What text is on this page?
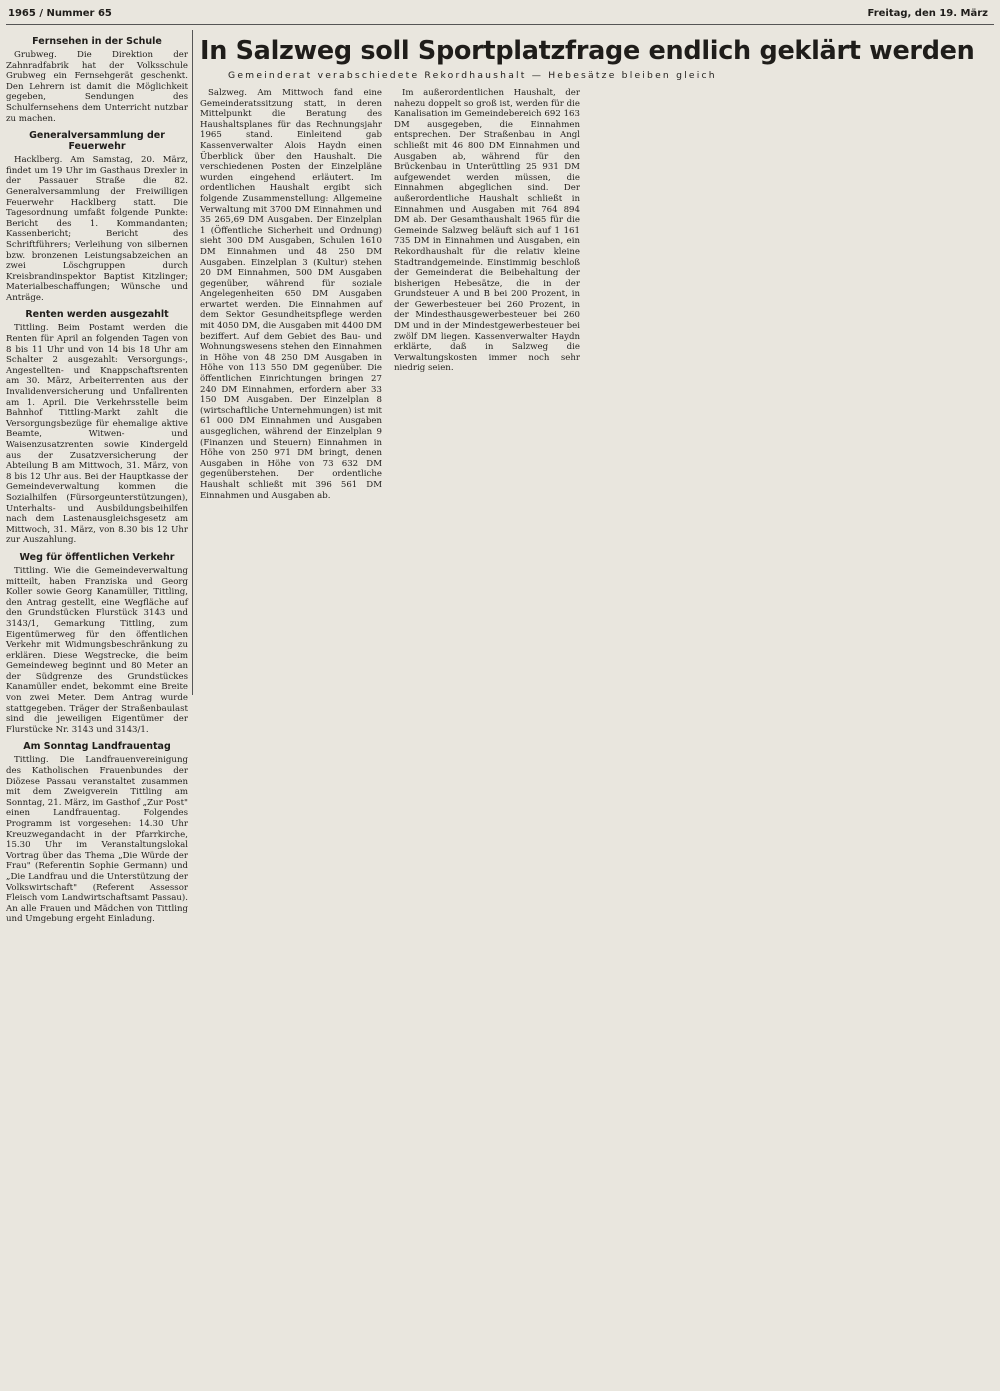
1965 / Nummer 65	Freitag, den 19. März
Fernsehen in der Schule

Grubweg. Die Direktion der Zahnradfabrik hat der Volksschule Grubweg ein Fernsehgerät geschenkt. Den Lehrern ist damit die Möglichkeit gegeben, Sendungen des Schulfernsehens dem Unterricht nutzbar zu machen.

Generalversammlung der Feuerwehr

Hacklberg. Am Samstag, 20. März, findet um 19 Uhr im Gasthaus Drexler in der Passauer Straße die 82. Generalversammlung der Freiwilligen Feuerwehr Hacklberg statt. Die Tagesordnung umfaßt folgende Punkte: Bericht des 1. Kommandanten; Kassenbericht; Bericht des Schriftführers; Verleihung von silbernen bzw. bronzenen Leistungsabzeichen an zwei Löschgruppen durch Kreisbrandinspektor Baptist Kitzlinger; Materialbeschaffungen; Wünsche und Anträge.

Renten werden ausgezahlt

Tittling. Beim Postamt werden die Renten für April an folgenden Tagen von 8 bis 11 Uhr und von 14 bis 18 Uhr am Schalter 2 ausgezahlt: Versorgungs-, Angestellten- und Knappschaftsrenten am 30. März, Arbeiterrenten aus der Invalidenversicherung und Unfallrenten am 1. April. Die Verkehrsstelle beim Bahnhof Tittling-Markt zahlt die Versorgungsbezüge für ehemalige aktive Beamte, Witwen- und Waisenzusatzrenten sowie Kindergeld aus der Zusatzversicherung der Abteilung B am Mittwoch, 31. März, von 8 bis 12 Uhr aus. Bei der Hauptkasse der Gemeindeverwaltung kommen die Sozialhilfen (Fürsorgeunterstützungen), Unterhalts- und Ausbildungsbeihilfen nach dem Lastenausgleichsgesetz am Mittwoch, 31. März, von 8.30 bis 12 Uhr zur Auszahlung.

Weg für öffentlichen Verkehr

Tittling. Wie die Gemeindeverwaltung mitteilt, haben Franziska und Georg Koller sowie Georg Kanamüller, Tittling, den Antrag gestellt, eine Wegfläche auf den Grundstücken Flurstück 3143 und 3143/1, Gemarkung Tittling, zum Eigentümerweg für den öffentlichen Verkehr mit Widmungsbeschränkung zu erklären. Diese Wegstrecke, die beim Gemeindeweg beginnt und 80 Meter an der Südgrenze des Grundstückes Kanamüller endet, bekommt eine Breite von zwei Meter. Dem Antrag wurde stattgegeben. Träger der Straßenbaulast sind die jeweiligen Eigentümer der Flurstücke Nr. 3143 und 3143/1.

Am Sonntag Landfrauentag

Tittling. Die Landfrauenvereinigung des Katholischen Frauenbundes der Diözese Passau veranstaltet zusammen mit dem Zweigverein Tittling am Sonntag, 21. März, im Gasthof „Zur Post" einen Landfrauentag. Folgendes Programm ist vorgesehen: 14.30 Uhr Kreuzwegandacht in der Pfarrkirche, 15.30 Uhr im Veranstaltungslokal Vortrag über das Thema „Die Würde der Frau" (Referentin Sophie Germann) und „Die Landfrau und die Unterstützung der Volkswirtschaft" (Referent Assessor Fleisch vom Landwirtschaftsamt Passau). An alle Frauen und Mädchen von Tittling und Umgebung ergeht Einladung.

In Salzweg soll Sportplatzfrage endlich geklärt werden
Gemeinderat verabschiedete Rekordhaushalt — Hebesätze bleiben gleich

Salzweg. Am Mittwoch fand eine Gemeinderatssitzung statt, in deren Mittelpunkt die Beratung des Haushaltsplanes für das Rechnungsjahr 1965 stand. Einleitend gab Kassenverwalter Alois Haydn einen Überblick über den Haushalt. Die verschiedenen Posten der Einzelpläne wurden eingehend erläutert. Im ordentlichen Haushalt ergibt sich folgende Zusammenstellung: Allgemeine Verwaltung mit 3700 DM Einnahmen und 35 265,69 DM Ausgaben. Der Einzelplan 1 (Öffentliche Sicherheit und Ordnung) sieht 300 DM Ausgaben, Schulen 1610 DM Einnahmen und 48 250 DM Ausgaben. Einzelplan 3 (Kultur) stehen 20 DM Einnahmen, 500 DM Ausgaben gegenüber, während für soziale Angelegenheiten 650 DM Ausgaben erwartet werden. Die Einnahmen auf dem Sektor Gesundheitspflege werden mit 4050 DM, die Ausgaben mit 4400 DM beziffert. Auf dem Gebiet des Bau- und Wohnungswesens stehen den Einnahmen in Höhe von 48 250 DM Ausgaben in Höhe von 113 550 DM gegenüber. Die öffentlichen Einrichtungen bringen 27 240 DM Einnahmen, erfordern aber 33 150 DM Ausgaben. Der Einzelplan 8 (wirtschaftliche Unternehmungen) ist mit 61 000 DM Einnahmen und Ausgaben ausgeglichen, während der Einzelplan 9 (Finanzen und Steuern) Einnahmen in Höhe von 250 971 DM bringt, denen Ausgaben in Höhe von 73 632 DM gegenüberstehen. Der ordentliche Haushalt schließt mit 396 561 DM Einnahmen und Ausgaben ab.

Im außerordentlichen Haushalt, der nahezu doppelt so groß ist, werden für die Kanalisation im Gemeindebereich 692 163 DM ausgegeben, die Einnahmen entsprechen. Der Straßenbau in Angl schließt mit 46 800 DM Einnahmen und Ausgaben ab, während für den Brückenbau in Unterüttling 25 931 DM aufgewendet werden müssen, die Einnahmen abgeglichen sind. Der außerordentliche Haushalt schließt in Einnahmen und Ausgaben mit 764 894 DM ab. Der Gesamthaushalt 1965 für die Gemeinde Salzweg beläuft sich auf 1 161 735 DM in Einnahmen und Ausgaben, ein Rekordhaushalt für die relativ kleine Stadtrandgemeinde. Einstimmig beschloß der Gemeinderat die Beibehaltung der bisherigen Hebesätze, die in der Grundsteuer A und B bei 200 Prozent, in der Gewerbesteuer bei 260 Prozent, in der Mindesthausgewerbesteuer bei 260 DM und in der Mindestgewerbesteuer bei zwölf DM liegen. Kassenverwalter Haydn erklärte, daß in Salzweg die Verwaltungskosten immer noch sehr niedrig seien.
